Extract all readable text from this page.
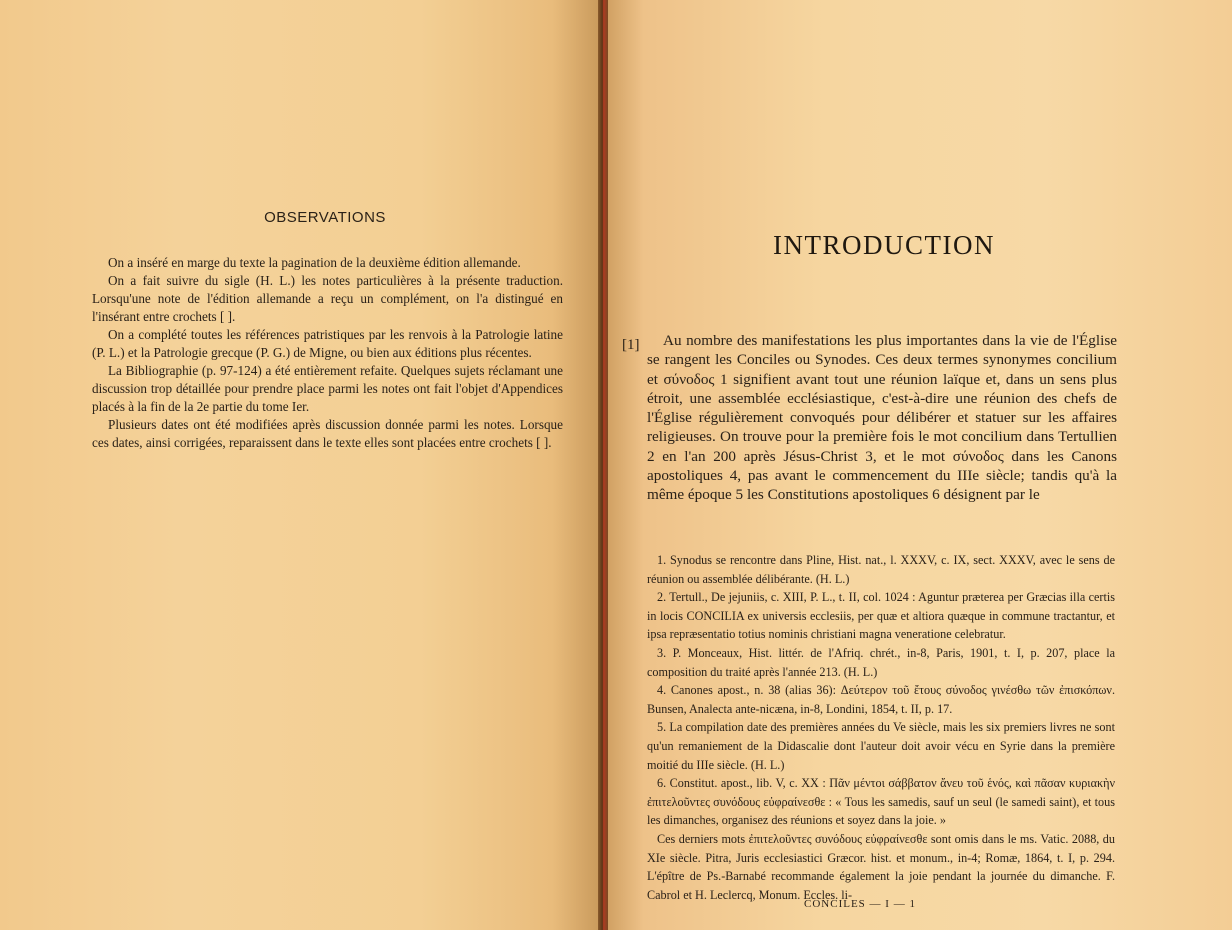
OBSERVATIONS

On a inséré en marge du texte la pagination de la deuxième édition allemande.

On a fait suivre du sigle (H. L.) les notes particulières à la présente traduction. Lorsqu'une note de l'édition allemande a reçu un complément, on l'a distingué en l'insérant entre crochets [ ].

On a complété toutes les références patristiques par les renvois à la Patrologie latine (P. L.) et la Patrologie grecque (P. G.) de Migne, ou bien aux éditions plus récentes.

La Bibliographie (p. 97-124) a été entièrement refaite. Quelques sujets réclamant une discussion trop détaillée pour prendre place parmi les notes ont fait l'objet d'Appendices placés à la fin de la 2e partie du tome Ier.

Plusieurs dates ont été modifiées après discussion donnée parmi les notes. Lorsque ces dates, ainsi corrigées, reparaissent dans le texte elles sont placées entre crochets [ ].

INTRODUCTION
[1]	Au nombre des manifestations les plus importantes dans la vie de l'Église se rangent les Conciles ou Synodes. Ces deux termes synonymes concilium et σύνοδος 1 signifient avant tout une réunion laïque et, dans un sens plus étroit, une assemblée ecclésiastique, c'est-à-dire une réunion des chefs de l'Église régulièrement convoqués pour délibérer et statuer sur les affaires religieuses. On trouve pour la première fois le mot concilium dans Tertullien 2 en l'an 200 après Jésus-Christ 3, et le mot σύνοδος dans les Canons apostoliques 4, pas avant le commencement du IIIe siècle; tandis qu'à la même époque 5 les Constitutions apostoliques 6 désignent par le

1. Synodus se rencontre dans Pline, Hist. nat., l. XXXV, c. IX, sect. XXXV, avec le sens de réunion ou assemblée délibérante. (H. L.)

2. Tertull., De jejuniis, c. XIII, P. L., t. II, col. 1024 : Aguntur præterea per Græcias illa certis in locis CONCILIA ex universis ecclesiis, per quæ et altiora quæque in commune tractantur, et ipsa repræsentatio totius nominis christiani magna veneratione celebratur.

3. P. Monceaux, Hist. littér. de l'Afriq. chrét., in-8, Paris, 1901, t. I, p. 207, place la composition du traité après l'année 213. (H. L.)

4. Canones apost., n. 38 (alias 36): Δεύτερον τοῦ ἔτους σύνοδος γινέσθω τῶν ἐπισκόπων. Bunsen, Analecta ante-nicæna, in-8, Londini, 1854, t. II, p. 17.

5. La compilation date des premières années du Ve siècle, mais les six premiers livres ne sont qu'un remaniement de la Didascalie dont l'auteur doit avoir vécu en Syrie dans la première moitié du IIIe siècle. (H. L.)

6. Constitut. apost., lib. V, c. XX : Πᾶν μέντοι σάββατον ἄνευ τοῦ ἑνός, καὶ πᾶσαν κυριακὴν ἐπιτελοῦντες συνόδους εὐφραίνεσθε : « Tous les samedis, sauf un seul (le samedi saint), et tous les dimanches, organisez des réunions et soyez dans la joie. »

Ces derniers mots ἐπιτελοῦντες συνόδους εὐφραίνεσθε sont omis dans le ms. Vatic. 2088, du XIe siècle. Pitra, Juris ecclesiastici Græcor. hist. et monum., in-4; Romæ, 1864, t. I, p. 294. L'épître de Ps.-Barnabé recommande également la joie pendant la journée du dimanche. F. Cabrol et H. Leclercq, Monum. Eccles. li-

CONCILES — I — 1
